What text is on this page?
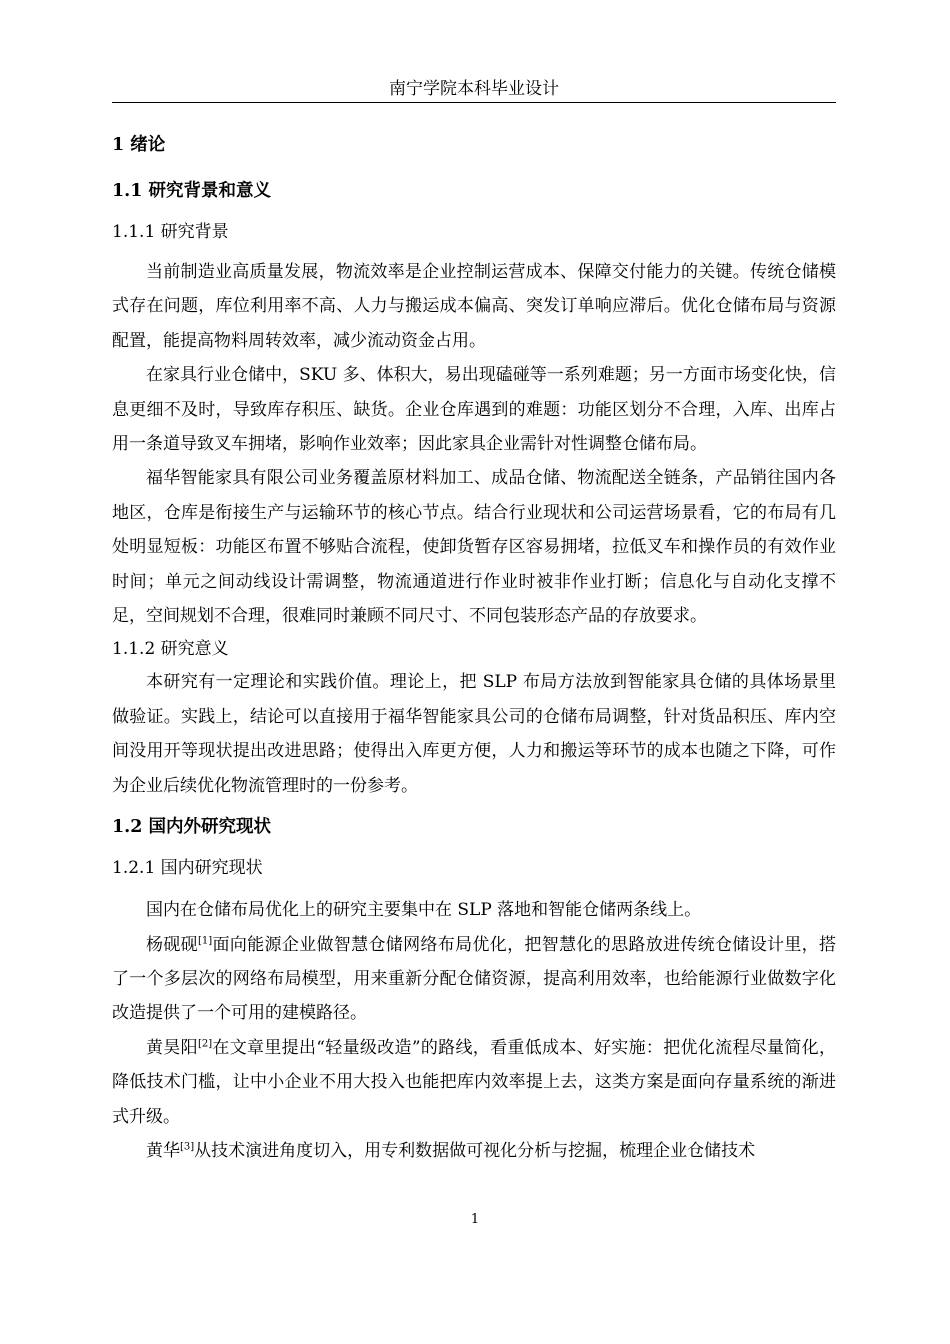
南宁学院本科毕业设计
1 绪论
1.1 研究背景和意义
1.1.1 研究背景

当前制造业高质量发展，物流效率是企业控制运营成本、保障交付能力的关键。传统仓储模式存在问题，库位利用率不高、人力与搬运成本偏高、突发订单响应滞后。优化仓储布局与资源配置，能提高物料周转效率，减少流动资金占用。

在家具行业仓储中，SKU 多、体积大，易出现磕碰等一系列难题；另一方面市场变化快，信息更细不及时，导致库存积压、缺货。企业仓库遇到的难题：功能区划分不合理，入库、出库占用一条道导致叉车拥堵，影响作业效率；因此家具企业需针对性调整仓储布局。

福华智能家具有限公司业务覆盖原材料加工、成品仓储、物流配送全链条，产品销往国内各地区，仓库是衔接生产与运输环节的核心节点。结合行业现状和公司运营场景看，它的布局有几处明显短板：功能区布置不够贴合流程，使卸货暂存区容易拥堵，拉低叉车和操作员的有效作业时间；单元之间动线设计需调整，物流通道进行作业时被非作业打断；信息化与自动化支撑不足，空间规划不合理，很难同时兼顾不同尺寸、不同包装形态产品的存放要求。

1.1.2 研究意义

本研究有一定理论和实践价值。理论上，把 SLP 布局方法放到智能家具仓储的具体场景里做验证。实践上，结论可以直接用于福华智能家具公司的仓储布局调整，针对货品积压、库内空间没用开等现状提出改进思路；使得出入库更方便，人力和搬运等环节的成本也随之下降，可作为企业后续优化物流管理时的一份参考。

1.2 国内外研究现状
1.2.1 国内研究现状

国内在仓储布局优化上的研究主要集中在 SLP 落地和智能仓储两条线上。

杨砚砚[1]面向能源企业做智慧仓储网络布局优化，把智慧化的思路放进传统仓储设计里，搭了一个多层次的网络布局模型，用来重新分配仓储资源，提高利用效率，也给能源行业做数字化改造提供了一个可用的建模路径。

黄昊阳[2]在文章里提出“轻量级改造”的路线，看重低成本、好实施：把优化流程尽量简化，降低技术门槛，让中小企业不用大投入也能把库内效率提上去，这类方案是面向存量系统的渐进式升级。

黄华[3]从技术演进角度切入，用专利数据做可视化分析与挖掘，梳理企业仓储技术

1
